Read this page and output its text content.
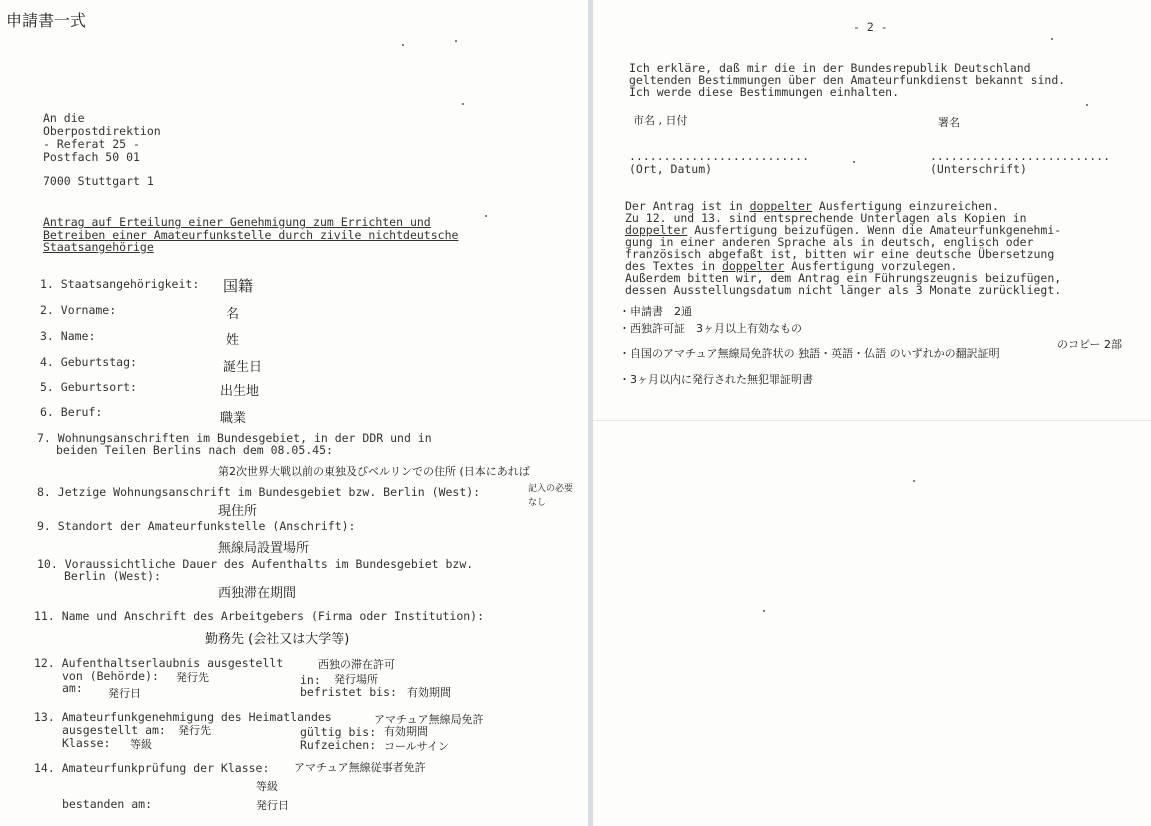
申請書一式
An die
Oberpostdirektion
- Referat 25 -
Postfach 50 01
7000 Stuttgart 1
Antrag auf Erteilung einer Genehmigung zum Errichten und
Betreiben einer Amateurfunkstelle durch zivile nichtdeutsche
Staatsangehörige
1. Staatsangehörigkeit: 国籍
2. Vorname:	名
3. Name:	姓
4. Geburtstag:	誕生日
5. Geburtsort:	出生地
6. Beruf:	職業
7. Wohnungsanschriften im Bundesgebiet, in der DDR und in
beiden Teilen Berlins nach dem 08.05.45:
第2次世界大戦以前の東独及びベルリンでの住所 (日本にあれば
8. Jetzige Wohnungsanschrift im Bundesgebiet bzw. Berlin (West):	記入の必要
なし
現住所
9. Standort der Amateurfunkstelle (Anschrift):
無線局設置場所
10. Voraussichtliche Dauer des Aufenthalts im Bundesgebiet bzw.
Berlin (West):
西独滞在期間
11. Name und Anschrift des Arbeitgebers (Firma oder Institution):
勤務先 (会社又は大学等)
12. Aufenthaltserlaubnis ausgestellt	西独の滞在許可
von (Behörde): 発行先	in: 発行場所
am: 発行日	befristet bis: 有効期間
13. Amateurfunkgenehmigung des Heimatlandes	アマチュア無線局免許
ausgestellt am: 発行先	gültig bis: 有効期間
Klasse: 等級	Rufzeichen: コールサイン
14. Amateurfunkprüfung der Klasse: アマチュア無線従事者免許
等級
bestanden am:	発行日
- 2 -
Ich erkläre, daß mir die in der Bundesrepublik Deutschland
geltenden Bestimmungen über den Amateurfunkdienst bekannt sind.
Ich werde diese Bestimmungen einhalten.
市名 , 日付	署名
..........................	..........................
(Ort, Datum)	(Unterschrift)
Der Antrag ist in doppelter Ausfertigung einzureichen.
Zu 12. und 13. sind entsprechende Unterlagen als Kopien in
doppelter Ausfertigung beizufügen. Wenn die Amateurfunkgenehmi-
gung in einer anderen Sprache als in deutsch, englisch oder
französisch abgefaßt ist, bitten wir eine deutsche Übersetzung
des Textes in doppelter Ausfertigung vorzulegen.
Außerdem bitten wir, dem Antrag ein Führungszeugnis beizufügen,
dessen Ausstellungsdatum nicht länger als 3 Monate zurückliegt.
・申請書　2通
・西独許可証　3ヶ月以上有効なもの
・自国のアマチュア無線局免許状の 独語・英語・仏語 のいずれかの翻訳証明
のコピー 2部
・3ヶ月以内に発行された無犯罪証明書
